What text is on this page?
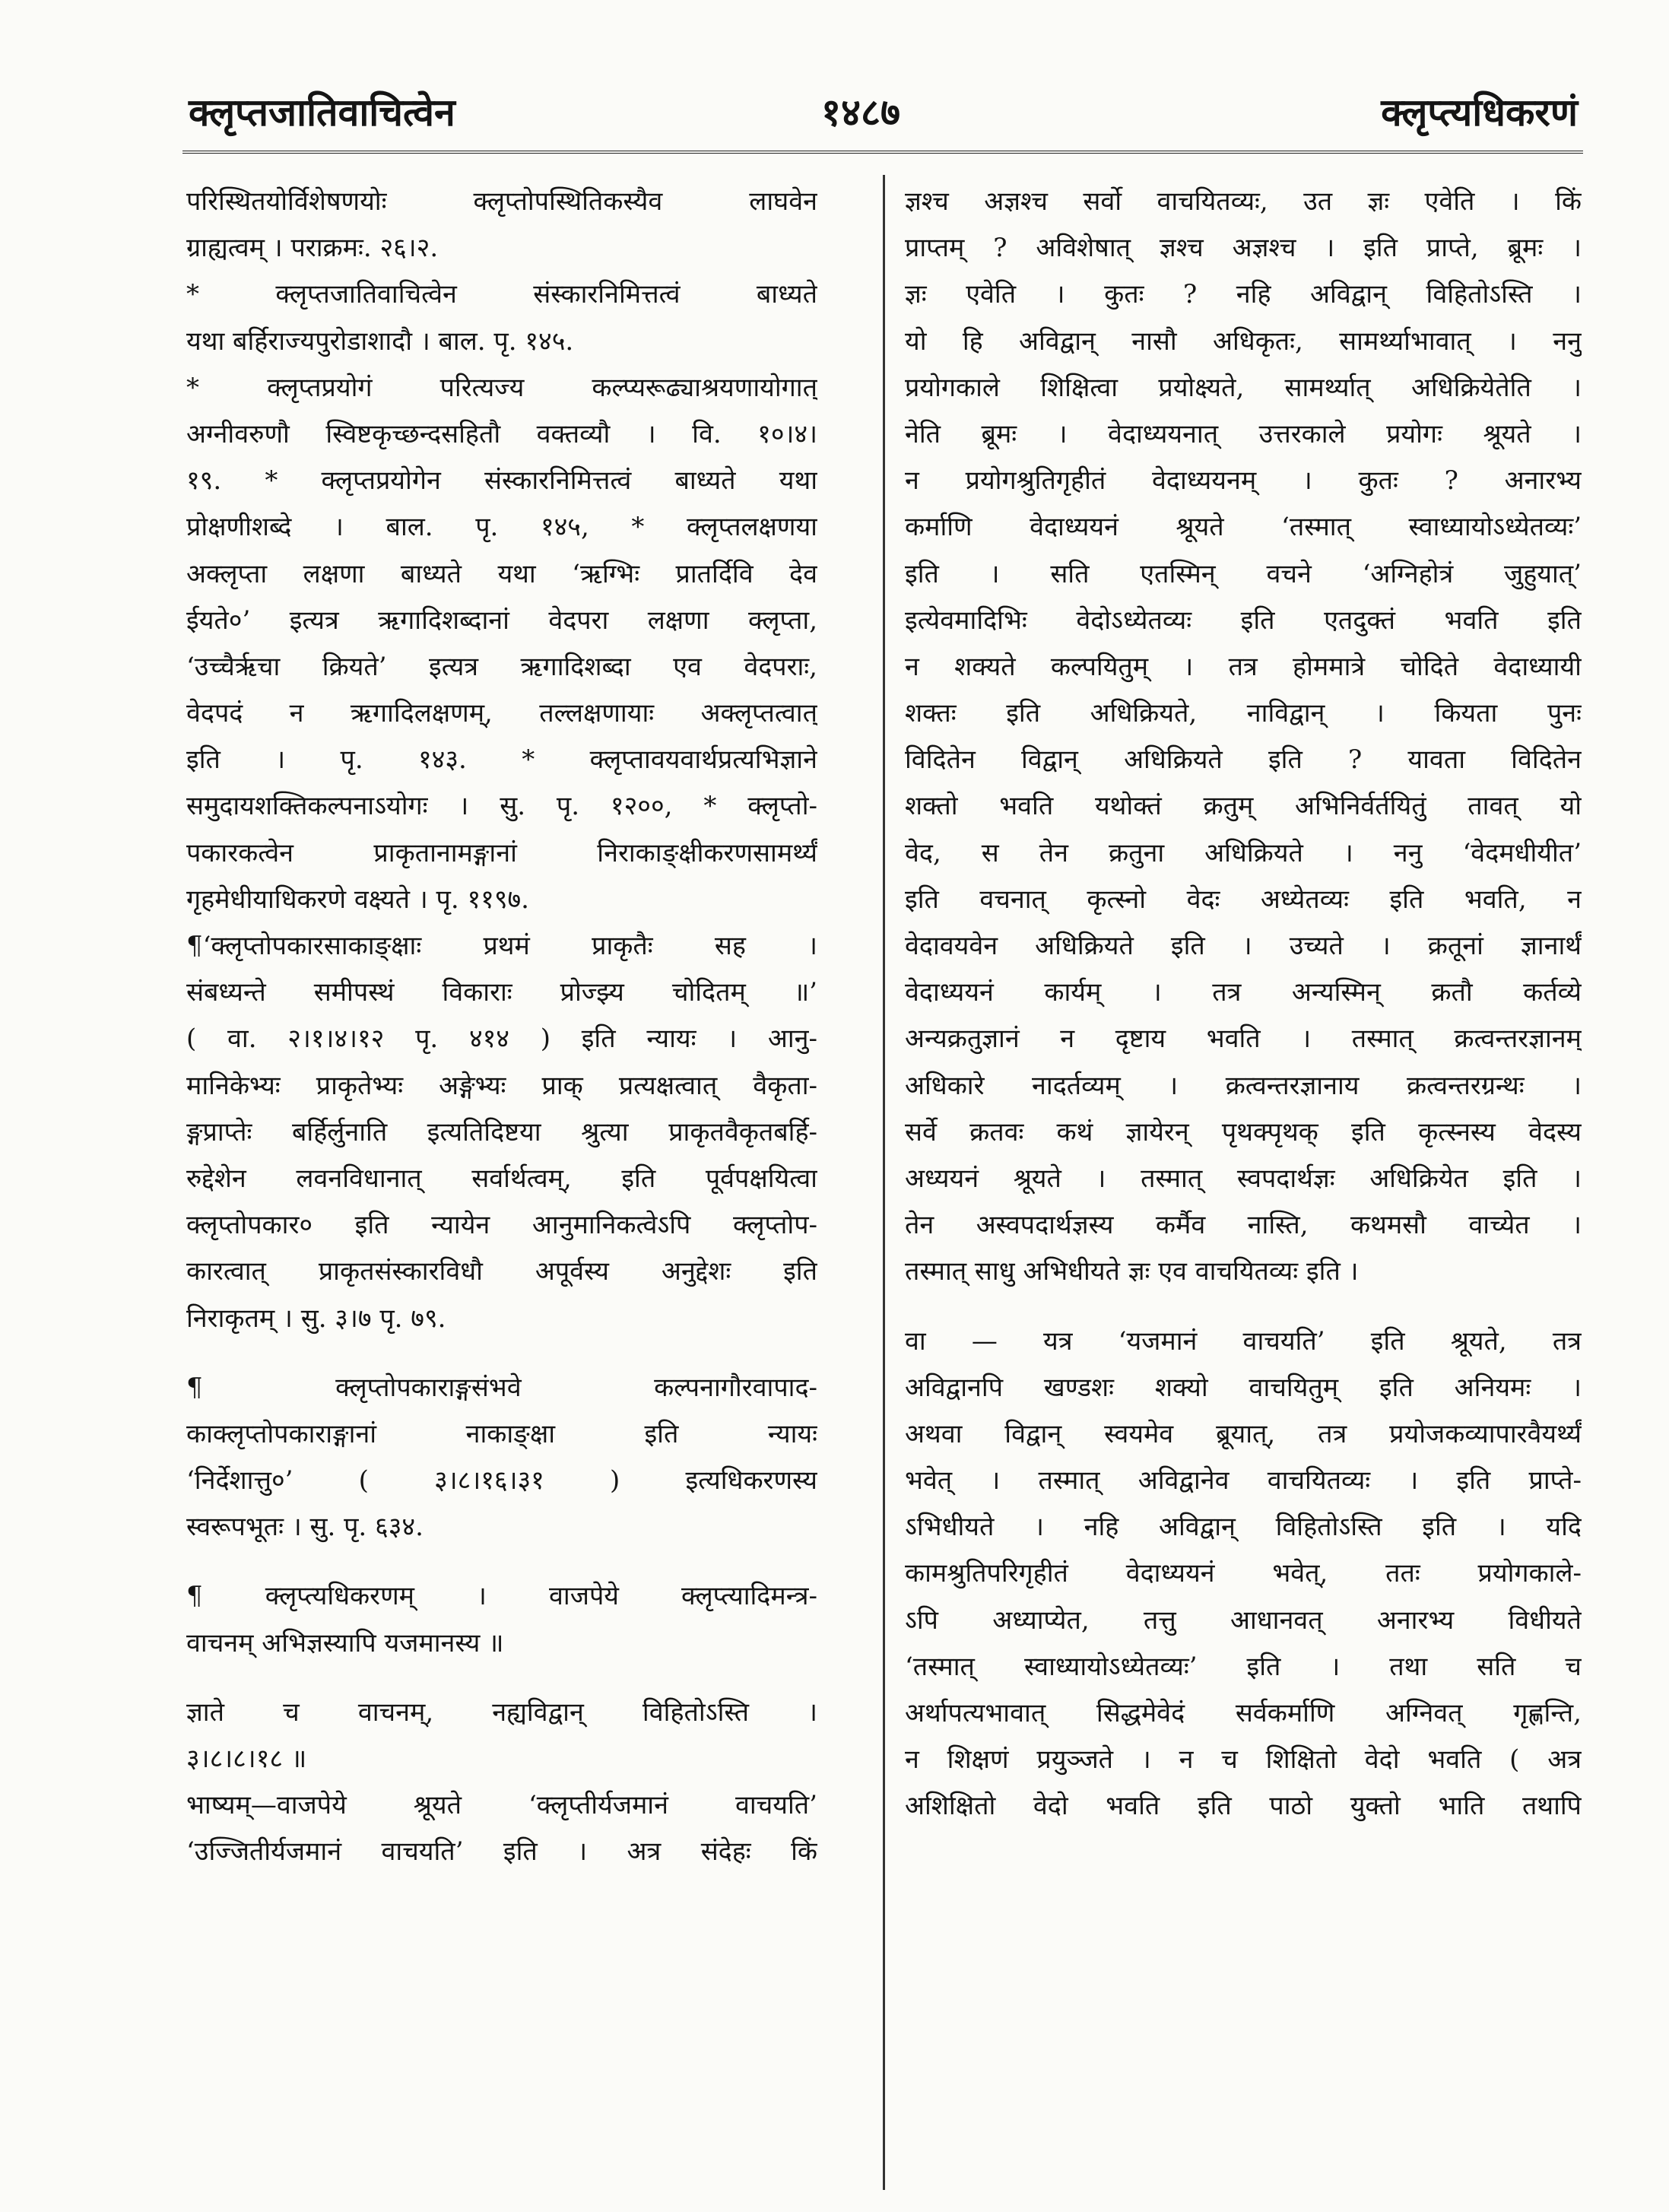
क्लृप्तजातिवाचित्वेन	१४८७	क्लृप्त्यधिकरणं
परिस्थितयोर्विशेषणयोः क्लृप्तोपस्थितिकस्यैव लाघवेन
ग्राह्यत्वम् । पराक्रमः. २६।२.
* क्लृप्तजातिवाचित्वेन संस्कारनिमित्तत्वं बाध्यते
यथा बर्हिराज्यपुरोडाशादौ । बाल. पृ. १४५.
* क्लृप्तप्रयोगं परित्यज्य कल्प्यरूढ्याश्रयणायोगात्
अग्नीवरुणौ स्विष्टकृच्छन्दसहितौ वक्तव्यौ । वि. १०।४।
१९. * क्लृप्तप्रयोगेन संस्कारनिमित्तत्वं बाध्यते यथा
प्रोक्षणीशब्दे । बाल. पृ. १४५, * क्लृप्तलक्षणया
अक्लृप्ता लक्षणा बाध्यते यथा ‘ऋग्भिः प्रातर्दिवि देव
ईयते०’ इत्यत्र ऋगादिशब्दानां वेदपरा लक्षणा क्लृप्ता,
‘उच्चैर्ऋचा क्रियते’ इत्यत्र ऋगादिशब्दा एव वेदपराः,
वेदपदं न ऋगादिलक्षणम्, तल्लक्षणायाः अक्लृप्तत्वात्
इति । पृ. १४३. * क्लृप्तावयवार्थप्रत्यभिज्ञाने
समुदायशक्तिकल्पनाऽयोगः । सु. पृ. १२००, * क्लृप्तो-
पकारकत्वेन प्राकृतानामङ्गानां निराकाङ्क्षीकरणसामर्थ्यं
गृहमेधीयाधिकरणे वक्ष्यते । पृ. ११९७.
¶‘क्लृप्तोपकारसाकाङ्क्षाः प्रथमं प्राकृतैः सह ।
संबध्यन्ते समीपस्थं विकाराः प्रोज्झ्य चोदितम् ॥’
( वा. २।१।४।१२ पृ. ४१४ ) इति न्यायः । आनु-
मानिकेभ्यः प्राकृतेभ्यः अङ्गेभ्यः प्राक् प्रत्यक्षत्वात् वैकृता-
ङ्गप्राप्तेः बर्हिर्लुनाति इत्यतिदिष्टया श्रुत्या प्राकृतवैकृतबर्हि-
रुद्देशेन लवनविधानात् सर्वार्थत्वम्, इति पूर्वपक्षयित्वा
क्लृप्तोपकार० इति न्यायेन आनुमानिकत्वेऽपि क्लृप्तोप-
कारत्वात् प्राकृतसंस्कारविधौ अपूर्वस्य अनुद्देशः इति
निराकृतम् । सु. ३।७ पृ. ७९.
¶ क्लृप्तोपकाराङ्गसंभवे कल्पनागौरवापाद-
काक्लृप्तोपकाराङ्गानां नाकाङ्क्षा इति न्यायः
‘निर्देशात्तु०’ ( ३।८।१६।३१ ) इत्यधिकरणस्य
स्वरूपभूतः । सु. पृ. ६३४.
¶ क्लृप्त्यधिकरणम् । वाजपेये क्लृप्त्यादिमन्त्र-
वाचनम् अभिज्ञस्यापि यजमानस्य ॥
ज्ञाते च वाचनम्, नह्यविद्वान् विहितोऽस्ति ।
३।८।८।१८ ॥
भाष्यम्—वाजपेये श्रूयते ‘क्लृप्तीर्यजमानं वाचयति’
‘उज्जितीर्यजमानं वाचयति’ इति । अत्र संदेहः किं
ज्ञश्च अज्ञश्च सर्वो वाचयितव्यः, उत ज्ञः एवेति । किं
प्राप्तम् ? अविशेषात् ज्ञश्च अज्ञश्च । इति प्राप्ते, ब्रूमः ।
ज्ञः एवेति । कुतः ? नहि अविद्वान् विहितोऽस्ति ।
यो हि अविद्वान् नासौ अधिकृतः, सामर्थ्याभावात् । ननु
प्रयोगकाले शिक्षित्वा प्रयोक्ष्यते, सामर्थ्यात् अधिक्रियेतेति ।
नेति ब्रूमः । वेदाध्ययनात् उत्तरकाले प्रयोगः श्रूयते ।
न प्रयोगश्रुतिगृहीतं वेदाध्ययनम् । कुतः ? अनारभ्य
कर्माणि वेदाध्ययनं श्रूयते ‘तस्मात् स्वाध्यायोऽध्येतव्यः’
इति । सति एतस्मिन् वचने ‘अग्निहोत्रं जुहुयात्’
इत्येवमादिभिः वेदोऽध्येतव्यः इति एतदुक्तं भवति इति
न शक्यते कल्पयितुम् । तत्र होममात्रे चोदिते वेदाध्यायी
शक्तः इति अधिक्रियते, नाविद्वान् । कियता पुनः
विदितेन विद्वान् अधिक्रियते इति ? यावता विदितेन
शक्तो भवति यथोक्तं क्रतुम् अभिनिर्वर्तयितुं तावत् यो
वेद, स तेन क्रतुना अधिक्रियते । ननु ‘वेदमधीयीत’
इति वचनात् कृत्स्नो वेदः अध्येतव्यः इति भवति, न
वेदावयवेन अधिक्रियते इति । उच्यते । क्रतूनां ज्ञानार्थं
वेदाध्ययनं कार्यम् । तत्र अन्यस्मिन् क्रतौ कर्तव्ये
अन्यक्रतुज्ञानं न दृष्टाय भवति । तस्मात् क्रत्वन्तरज्ञानम्
अधिकारे नादर्तव्यम् । क्रत्वन्तरज्ञानाय क्रत्वन्तरग्रन्थः ।
सर्वे क्रतवः कथं ज्ञायेरन् पृथक्पृथक् इति कृत्स्नस्य वेदस्य
अध्ययनं श्रूयते । तस्मात् स्वपदार्थज्ञः अधिक्रियेत इति ।
तेन अस्वपदार्थज्ञस्य कर्मैव नास्ति, कथमसौ वाच्येत ।
तस्मात् साधु अभिधीयते ज्ञः एव वाचयितव्यः इति ।
वा — यत्र ‘यजमानं वाचयति’ इति श्रूयते, तत्र
अविद्वानपि खण्डशः शक्यो वाचयितुम् इति अनियमः ।
अथवा विद्वान् स्वयमेव ब्रूयात्, तत्र प्रयोजकव्यापारवैयर्थ्यं
भवेत् । तस्मात् अविद्वानेव वाचयितव्यः । इति प्राप्ते-
ऽभिधीयते । नहि अविद्वान् विहितोऽस्ति इति । यदि
कामश्रुतिपरिगृहीतं वेदाध्ययनं भवेत्, ततः प्रयोगकाले-
ऽपि अध्याप्येत, तत्तु आधानवत् अनारभ्य विधीयते
‘तस्मात् स्वाध्यायोऽध्येतव्यः’ इति । तथा सति च
अर्थापत्यभावात् सिद्धमेवेदं सर्वकर्माणि अग्निवत् गृह्णन्ति,
न शिक्षणं प्रयुञ्जते । न च शिक्षितो वेदो भवति ( अत्र
अशिक्षितो वेदो भवति इति पाठो युक्तो भाति तथापि
